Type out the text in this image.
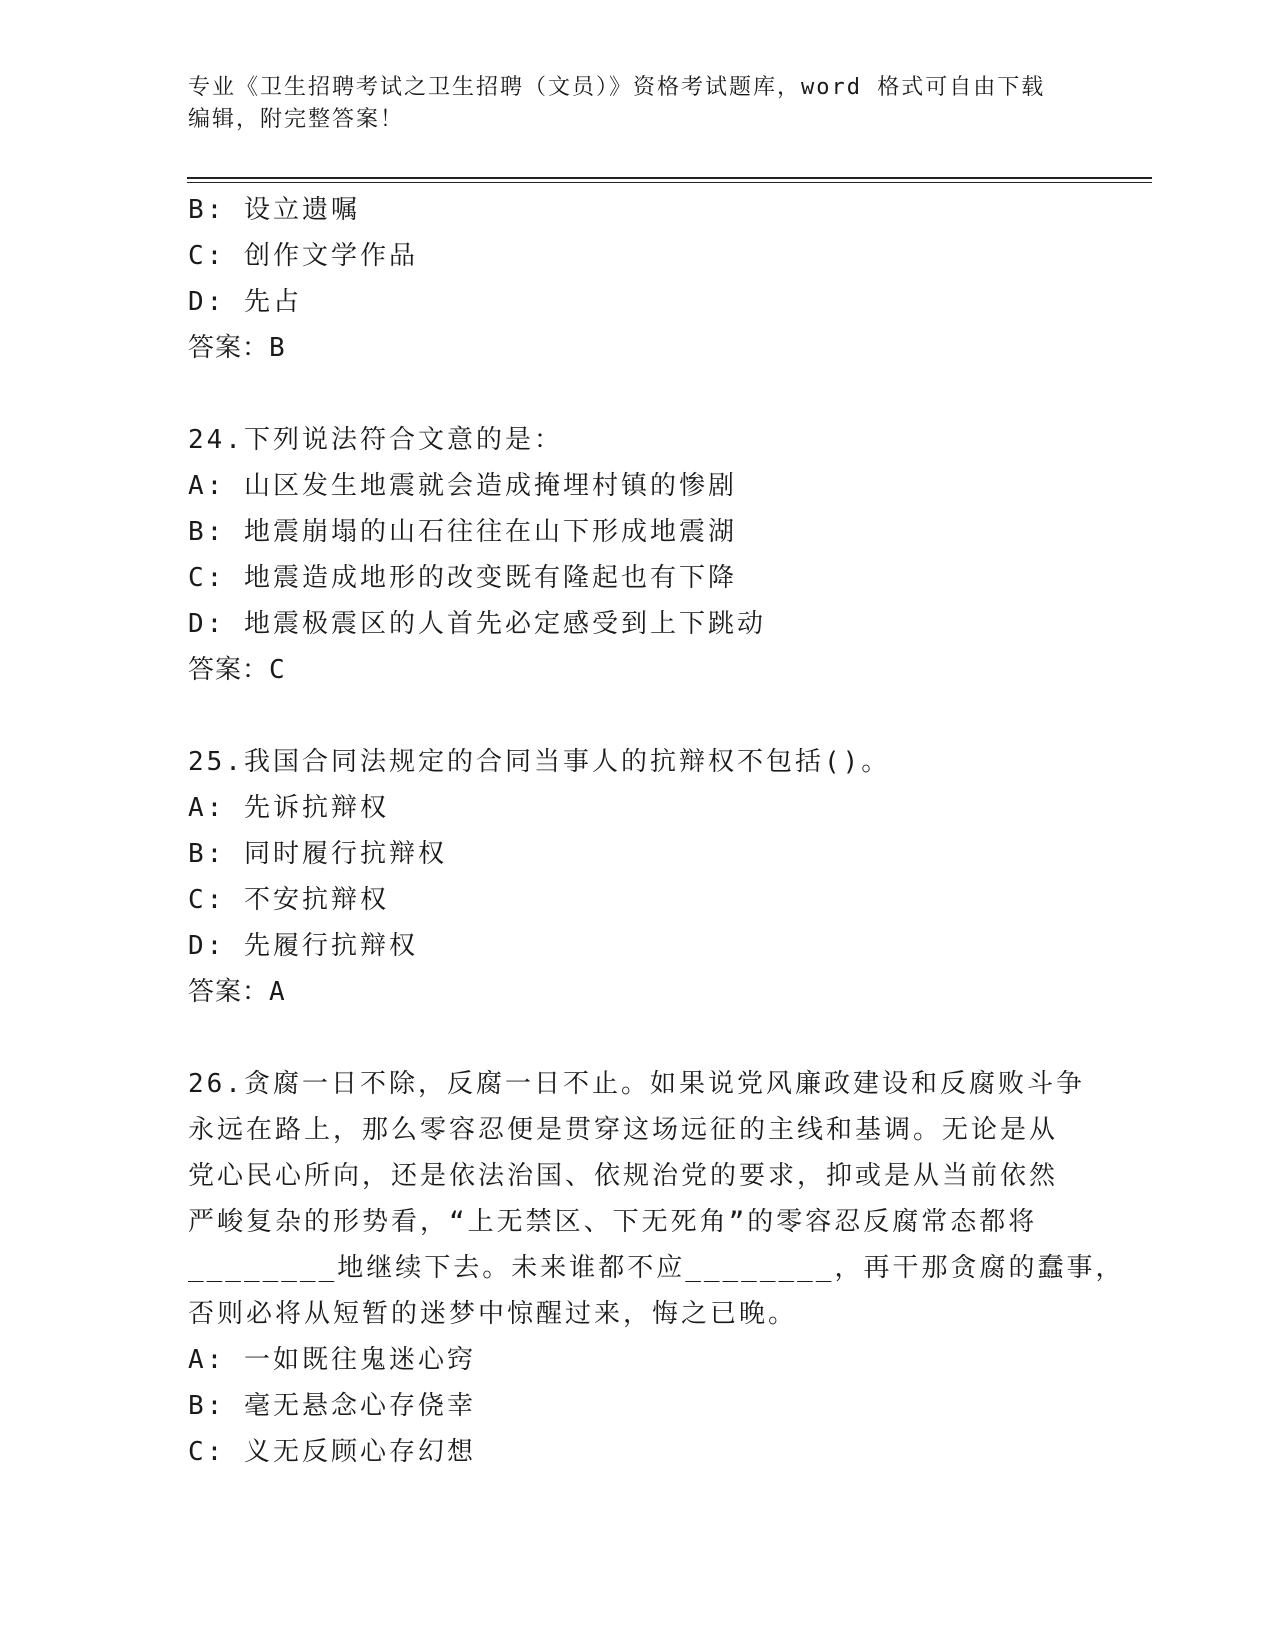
专业《卫生招聘考试之卫生招聘（文员）》资格考试题库，word 格式可自由下载
编辑，附完整答案！
B: 设立遗嘱
C: 创作文学作品
D: 先占
答案：B
24.下列说法符合文意的是：
A: 山区发生地震就会造成掩埋村镇的惨剧
B: 地震崩塌的山石往往在山下形成地震湖
C: 地震造成地形的改变既有隆起也有下降
D: 地震极震区的人首先必定感受到上下跳动
答案：C
25.我国合同法规定的合同当事人的抗辩权不包括()。
A: 先诉抗辩权
B: 同时履行抗辩权
C: 不安抗辩权
D: 先履行抗辩权
答案：A
26.贪腐一日不除，反腐一日不止。如果说党风廉政建设和反腐败斗争
永远在路上，那么零容忍便是贯穿这场远征的主线和基调。无论是从
党心民心所向，还是依法治国、依规治党的要求，抑或是从当前依然
严峻复杂的形势看，“上无禁区、下无死角”的零容忍反腐常态都将
________地继续下去。未来谁都不应________，再干那贪腐的蠢事，
否则必将从短暂的迷梦中惊醒过来，悔之已晚。
A: 一如既往鬼迷心窍
B: 毫无悬念心存侥幸
C: 义无反顾心存幻想
